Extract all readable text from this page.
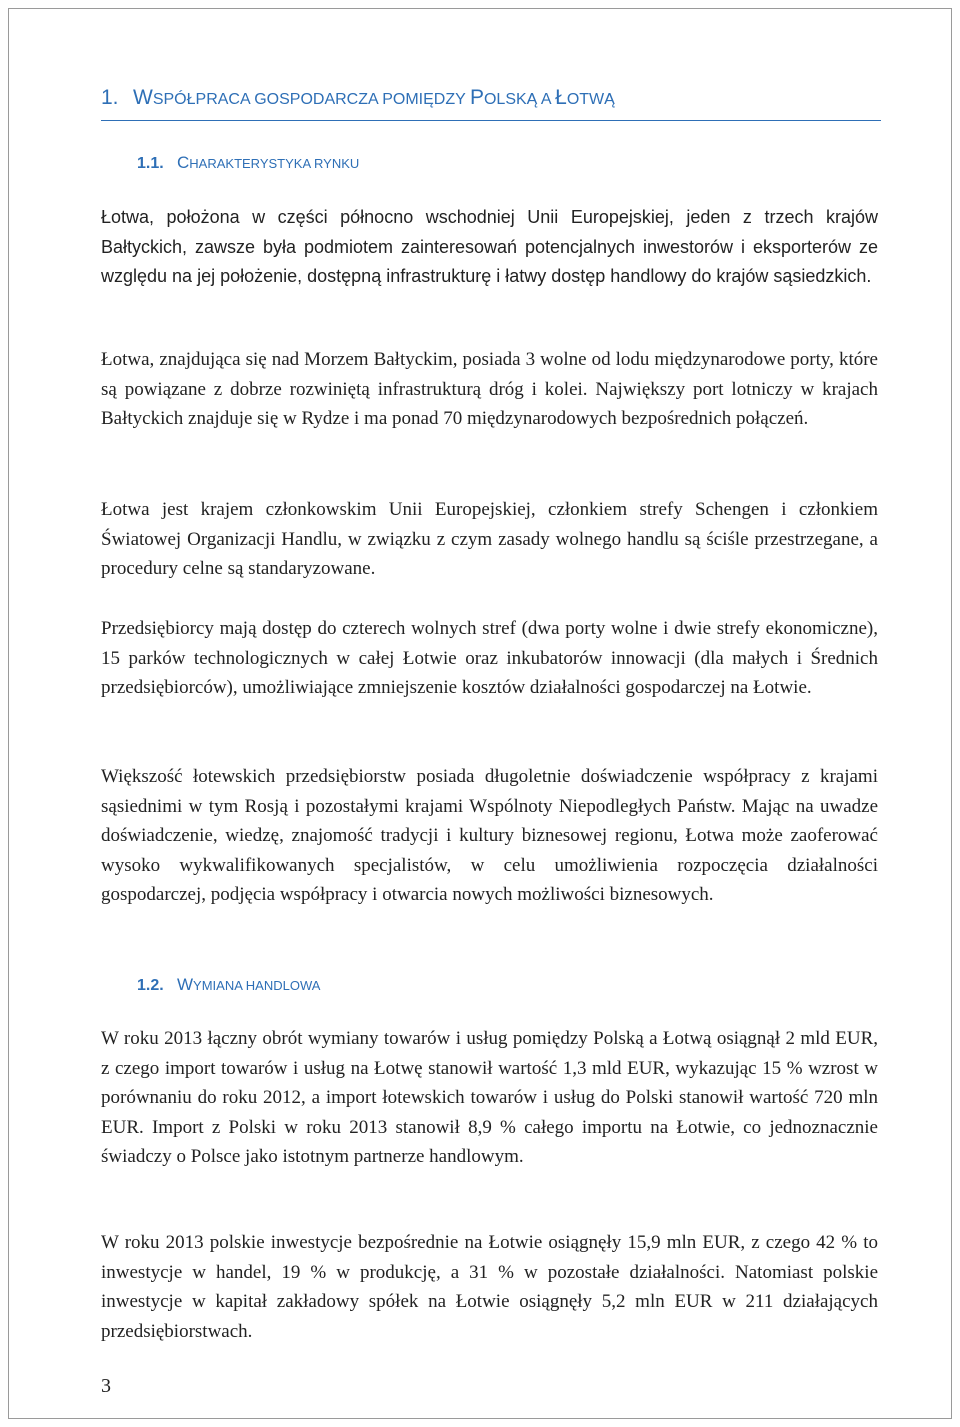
1. WSPÓŁPRACA GOSPODARCZA POMIĘDZY POLSKĄ A ŁOTWĄ
1.1. CHARAKTERYSTYKA RYNKU

Łotwa, położona w części północno wschodniej Unii Europejskiej, jeden z trzech krajów Bałtyckich, zawsze była podmiotem zainteresowań potencjalnych inwestorów i eksporterów ze względu na jej położenie, dostępną infrastrukturę i łatwy dostęp handlowy do krajów sąsiedzkich.

Łotwa, znajdująca się nad Morzem Bałtyckim, posiada 3 wolne od lodu międzynarodowe porty, które są powiązane z dobrze rozwiniętą infrastrukturą dróg i kolei. Największy port lotniczy w krajach Bałtyckich znajduje się w Rydze i ma ponad 70 międzynarodowych bezpośrednich połączeń.

Łotwa jest krajem członkowskim Unii Europejskiej, członkiem strefy Schengen i członkiem Światowej Organizacji Handlu, w związku z czym zasady wolnego handlu są ściśle przestrzegane, a procedury celne są standaryzowane.

Przedsiębiorcy mają dostęp do czterech wolnych stref (dwa porty wolne i dwie strefy ekonomiczne), 15 parków technologicznych w całej Łotwie oraz inkubatorów innowacji (dla małych i Średnich przedsiębiorców), umożliwiające zmniejszenie kosztów działalności gospodarczej na Łotwie.

Większość łotewskich przedsiębiorstw posiada długoletnie doświadczenie współpracy z krajami sąsiednimi w tym Rosją i pozostałymi krajami Wspólnoty Niepodległych Państw. Mając na uwadze doświadczenie, wiedzę, znajomość tradycji i kultury biznesowej regionu, Łotwa może zaoferować wysoko wykwalifikowanych specjalistów, w celu umożliwienia rozpoczęcia działalności gospodarczej, podjęcia współpracy i otwarcia nowych możliwości biznesowych.

1.2. WYMIANA HANDLOWA

W roku 2013 łączny obrót wymiany towarów i usług pomiędzy Polską a Łotwą osiągnął 2 mld EUR, z czego import towarów i usług na Łotwę stanowił wartość 1,3 mld EUR, wykazując 15 % wzrost w porównaniu do roku 2012, a import łotewskich towarów i usług do Polski stanowił wartość 720 mln EUR. Import z Polski w roku 2013 stanowił 8,9 % całego importu na Łotwie, co jednoznacznie świadczy o Polsce jako istotnym partnerze handlowym.

W roku 2013 polskie inwestycje bezpośrednie na Łotwie osiągnęły 15,9 mln EUR, z czego 42 % to inwestycje w handel, 19 % w produkcję, a 31 % w pozostałe działalności. Natomiast polskie inwestycje w kapitał zakładowy spółek na Łotwie osiągnęły 5,2 mln EUR w 211 działających przedsiębiorstwach.

3
